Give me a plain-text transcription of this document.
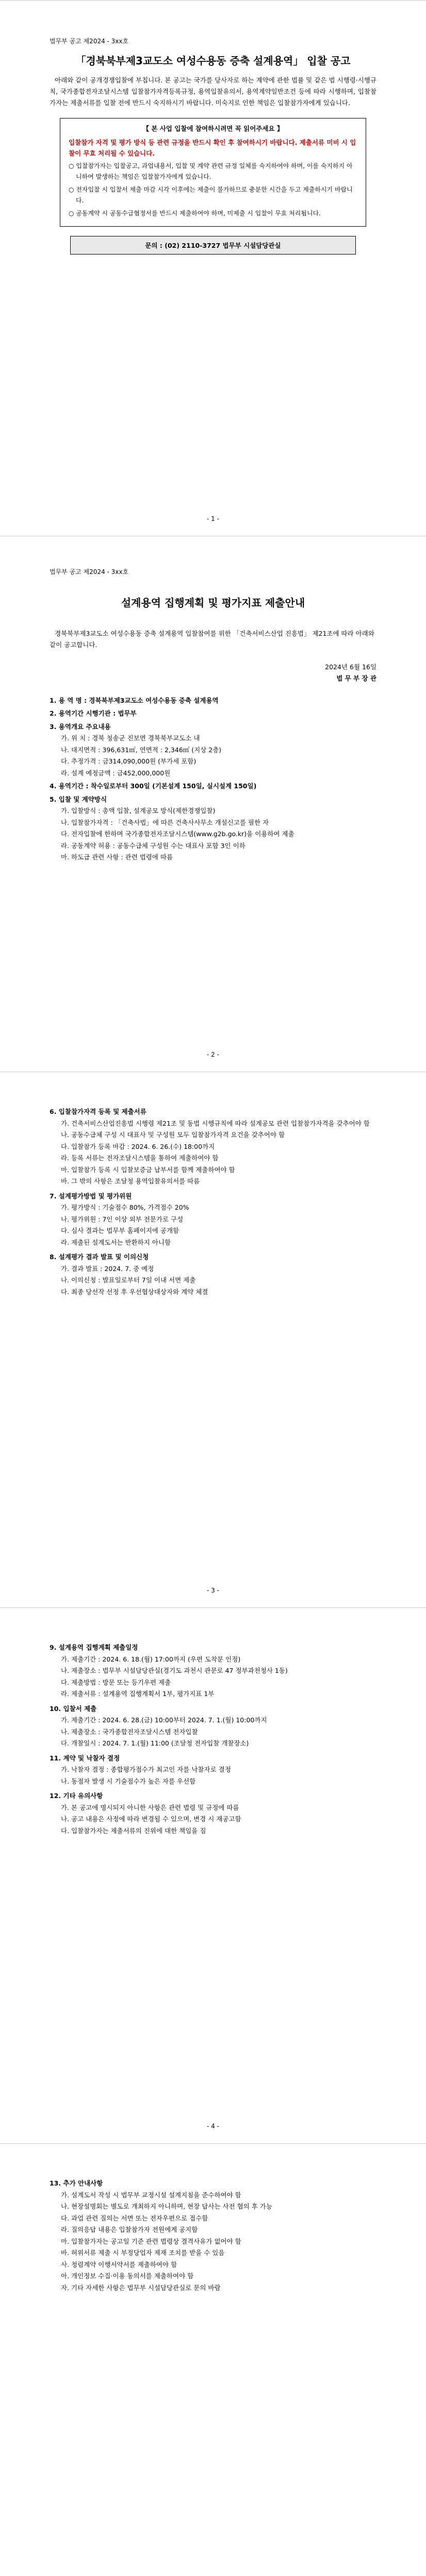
법무부 공고 제2024 - 3xx호
「경북북부제3교도소 여성수용동 증축 설계용역」 입찰 공고
아래와 같이 공개경쟁입찰에 부칩니다. 본 공고는 국가를 당사자로 하는 계약에 관한 법률 및 같은 법 시행령·시행규칙, 국가종합전자조달시스템 입찰참가자격등록규정, 용역입찰유의서, 용역계약일반조건 등에 따라 시행하며, 입찰참가자는 제출서류를 입찰 전에 반드시 숙지하시기 바랍니다. 미숙지로 인한 책임은 입찰참가자에게 있습니다.
【 본 사업 입찰에 참여하시려면 꼭 읽어주세요 】
입찰참가 자격 및 평가 방식 등 관련 규정을 반드시 확인 후 참여하시기 바랍니다. 제출서류 미비 시 입찰이 무효 처리될 수 있습니다.
○ 입찰참가자는 입찰공고, 과업내용서, 입찰 및 계약 관련 규정 일체를 숙지하여야 하며, 이를 숙지하지 아니하여 발생하는 책임은 입찰참가자에게 있습니다.
○ 전자입찰 시 입찰서 제출 마감 시각 이후에는 제출이 불가하므로 충분한 시간을 두고 제출하시기 바랍니다.
○ 공동계약 시 공동수급협정서를 반드시 제출하여야 하며, 미제출 시 입찰이 무효 처리됩니다.
문의 : (02) 2110-3727 법무부 시설담당관실
- 1 -
법무부 공고 제2024 - 3xx호
설계용역 집행계획 및 평가지표 제출안내
경북북부제3교도소 여성수용동 증축 설계용역 입찰참여를 위한 「건축서비스산업 진흥법」 제21조에 따라 아래와 같이 공고합니다.
2024년 6월 16일
법 무 부 장 관
1. 용 역 명 : 경북북부제3교도소 여성수용동 증축 설계용역
2. 용역기간 시행기관 : 법무부
3. 용역개요 주요내용
가. 위 치 : 경북 청송군 진보면 경북북부교도소 내
나. 대지면적 : 396,631㎡, 연면적 : 2,346㎡ (지상 2층)
다. 추정가격 : 금314,090,000원 (부가세 포함)
라. 설계 예정금액 : 금452,000,000원
4. 용역기간 : 착수일로부터 300일 (기본설계 150일, 실시설계 150일)
5. 입찰 및 계약방식
가. 입찰방식 : 총액 입찰, 설계공모 방식(제한경쟁입찰)
나. 입찰참가자격 : 「건축사법」에 따른 건축사사무소 개설신고를 필한 자
다. 전자입찰에 한하며 국가종합전자조달시스템(www.g2b.go.kr)을 이용하여 제출
라. 공동계약 허용 : 공동수급체 구성원 수는 대표사 포함 3인 이하
마. 하도급 관련 사항 : 관련 법령에 따름
- 2 -
6. 입찰참가자격 등록 및 제출서류
가. 건축서비스산업진흥법 시행령 제21조 및 동법 시행규칙에 따라 설계공모 관련 입찰참가자격을 갖추어야 함
나. 공동수급체 구성 시 대표사 및 구성원 모두 입찰참가자격 요건을 갖추어야 함
다. 입찰참가 등록 마감 : 2024. 6. 26.(수) 18:00까지
라. 등록 서류는 전자조달시스템을 통하여 제출하여야 함
마. 입찰참가 등록 시 입찰보증금 납부서를 함께 제출하여야 함
바. 그 밖의 사항은 조달청 용역입찰유의서를 따름
7. 설계평가방법 및 평가위원
가. 평가방식 : 기술점수 80%, 가격점수 20%
나. 평가위원 : 7인 이상 외부 전문가로 구성
다. 심사 결과는 법무부 홈페이지에 공개함
라. 제출된 설계도서는 반환하지 아니함
8. 설계평가 결과 발표 및 이의신청
가. 결과 발표 : 2024. 7. 중 예정
나. 이의신청 : 발표일로부터 7일 이내 서면 제출
다. 최종 당선작 선정 후 우선협상대상자와 계약 체결
- 3 -
9. 설계용역 집행계획 제출일정
가. 제출기간 : 2024. 6. 18.(월) 17:00까지 (우편 도착분 인정)
나. 제출장소 : 법무부 시설담당관실(경기도 과천시 관문로 47 정부과천청사 1동)
다. 제출방법 : 방문 또는 등기우편 제출
라. 제출서류 : 설계용역 집행계획서 1부, 평가지표 1부
10. 입찰서 제출
가. 제출기간 : 2024. 6. 28.(금) 10:00부터 2024. 7. 1.(월) 10:00까지
나. 제출장소 : 국가종합전자조달시스템 전자입찰
다. 개찰일시 : 2024. 7. 1.(월) 11:00 (조달청 전자입찰 개찰장소)
11. 계약 및 낙찰자 결정
가. 낙찰자 결정 : 종합평가점수가 최고인 자를 낙찰자로 결정
나. 동점자 발생 시 기술점수가 높은 자를 우선함
12. 기타 유의사항
가. 본 공고에 명시되지 아니한 사항은 관련 법령 및 규정에 따름
나. 공고 내용은 사정에 따라 변경될 수 있으며, 변경 시 재공고함
다. 입찰참가자는 제출서류의 진위에 대한 책임을 짐
- 4 -
13. 추가 안내사항
가. 설계도서 작성 시 법무부 교정시설 설계지침을 준수하여야 함
나. 현장설명회는 별도로 개최하지 아니하며, 현장 답사는 사전 협의 후 가능
다. 과업 관련 질의는 서면 또는 전자우편으로 접수함
라. 질의응답 내용은 입찰참가자 전원에게 공지함
마. 입찰참가자는 공고일 기준 관련 법령상 결격사유가 없어야 함
바. 허위서류 제출 시 부정당업자 제재 조치를 받을 수 있음
사. 청렴계약 이행서약서를 제출하여야 함
아. 개인정보 수집·이용 동의서를 제출하여야 함
자. 기타 자세한 사항은 법무부 시설담당관실로 문의 바람
